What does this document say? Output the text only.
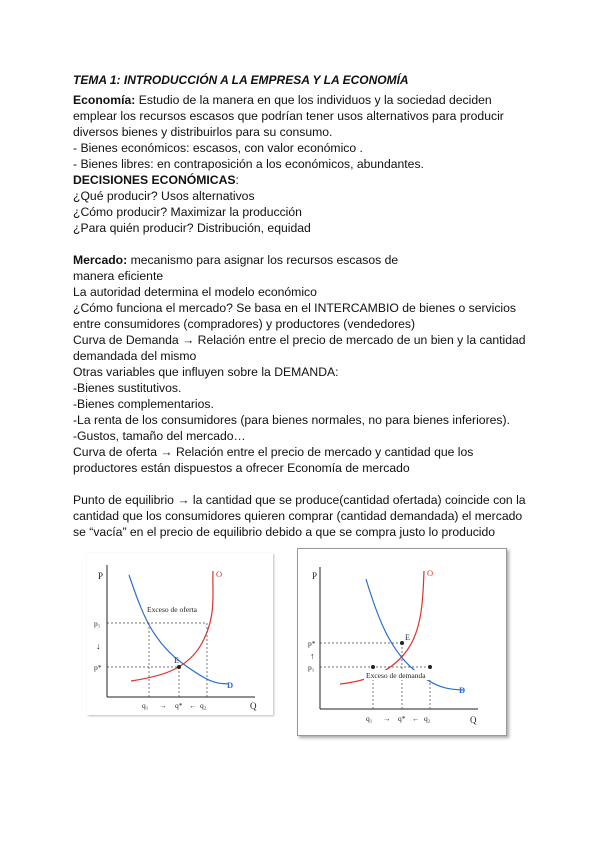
TEMA 1: INTRODUCCIÓN A LA EMPRESA Y LA ECONOMÍA
Economía: Estudio de la manera en que los individuos y la sociedad deciden
emplear los recursos escasos que podrían tener usos alternativos para producir
diversos bienes y distribuirlos para su consumo.
- Bienes económicos: escasos, con valor económico .
- Bienes libres: en contraposición a los económicos, abundantes.
DECISIONES ECONÓMICAS:
¿Qué producir? Usos alternativos
¿Cómo producir? Maximizar la producción
¿Para quién producir? Distribución, equidad
Mercado: mecanismo para asignar los recursos escasos de
manera eficiente
La autoridad determina el modelo económico
¿Cómo funciona el mercado? Se basa en el INTERCAMBIO de bienes o servicios
entre consumidores (compradores) y productores (vendedores)
Curva de Demanda → Relación entre el precio de mercado de un bien y la cantidad
demandada del mismo
Otras variables que influyen sobre la DEMANDA:
-Bienes sustitutivos.
-Bienes complementarios.
-La renta de los consumidores (para bienes normales, no para bienes inferiores).
-Gustos, tamaño del mercado…
Curva de oferta → Relación entre el precio de mercado y cantidad que los
productores están dispuestos a ofrecer Economía de mercado
Punto de equilibrio → la cantidad que se produce(cantidad ofertada) coincide con la
cantidad que los consumidores quieren comprar (cantidad demandada) el mercado
se “vacía” en el precio de equilibrio debido a que se compra justo lo producido
P
Q
Exceso de oferta
O
D
E
p₁
↓
p*
q₁ → q* ← q₂
P
Q
Exceso de demanda
O
D
E
p*
↑
p₁
q₁ → q* ← q₂
